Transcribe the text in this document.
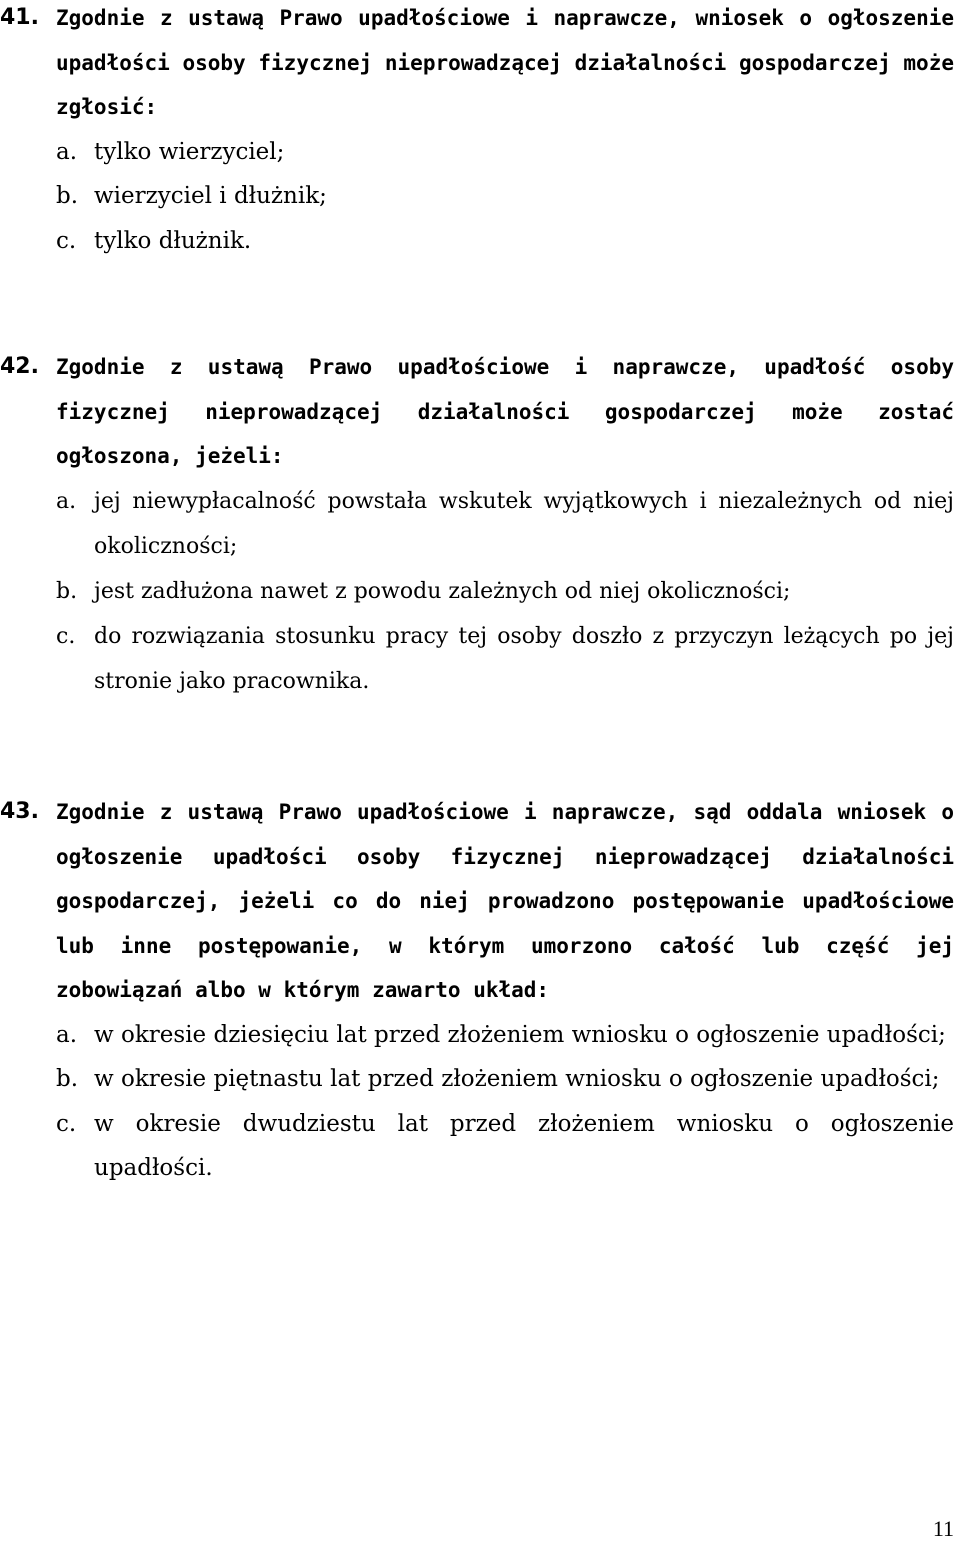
41. Zgodnie z ustawą Prawo upadłościowe i naprawcze, wniosek o ogłoszenie upadłości osoby fizycznej nieprowadzącej działalności gospodarczej może zgłosić:
a. tylko wierzyciel;
b. wierzyciel i dłużnik;
c. tylko dłużnik.
42. Zgodnie z ustawą Prawo upadłościowe i naprawcze, upadłość osoby fizycznej nieprowadzącej działalności gospodarczej może zostać ogłoszona, jeżeli:
a. jej niewypłacalność powstała wskutek wyjątkowych i niezależnych od niej okoliczności;
b. jest zadłużona nawet z powodu zależnych od niej okoliczności;
c. do rozwiązania stosunku pracy tej osoby doszło z przyczyn leżących po jej stronie jako pracownika.
43. Zgodnie z ustawą Prawo upadłościowe i naprawcze, sąd oddala wniosek o ogłoszenie upadłości osoby fizycznej nieprowadzącej działalności gospodarczej, jeżeli co do niej prowadzono postępowanie upadłościowe lub inne postępowanie, w którym umorzono całość lub część jej zobowiązań albo w którym zawarto układ:
a. w okresie dziesięciu lat przed złożeniem wniosku o ogłoszenie upadłości;
b. w okresie piętnastu lat przed złożeniem wniosku o ogłoszenie upadłości;
c. w okresie dwudziestu lat przed złożeniem wniosku o ogłoszenie upadłości.
11
